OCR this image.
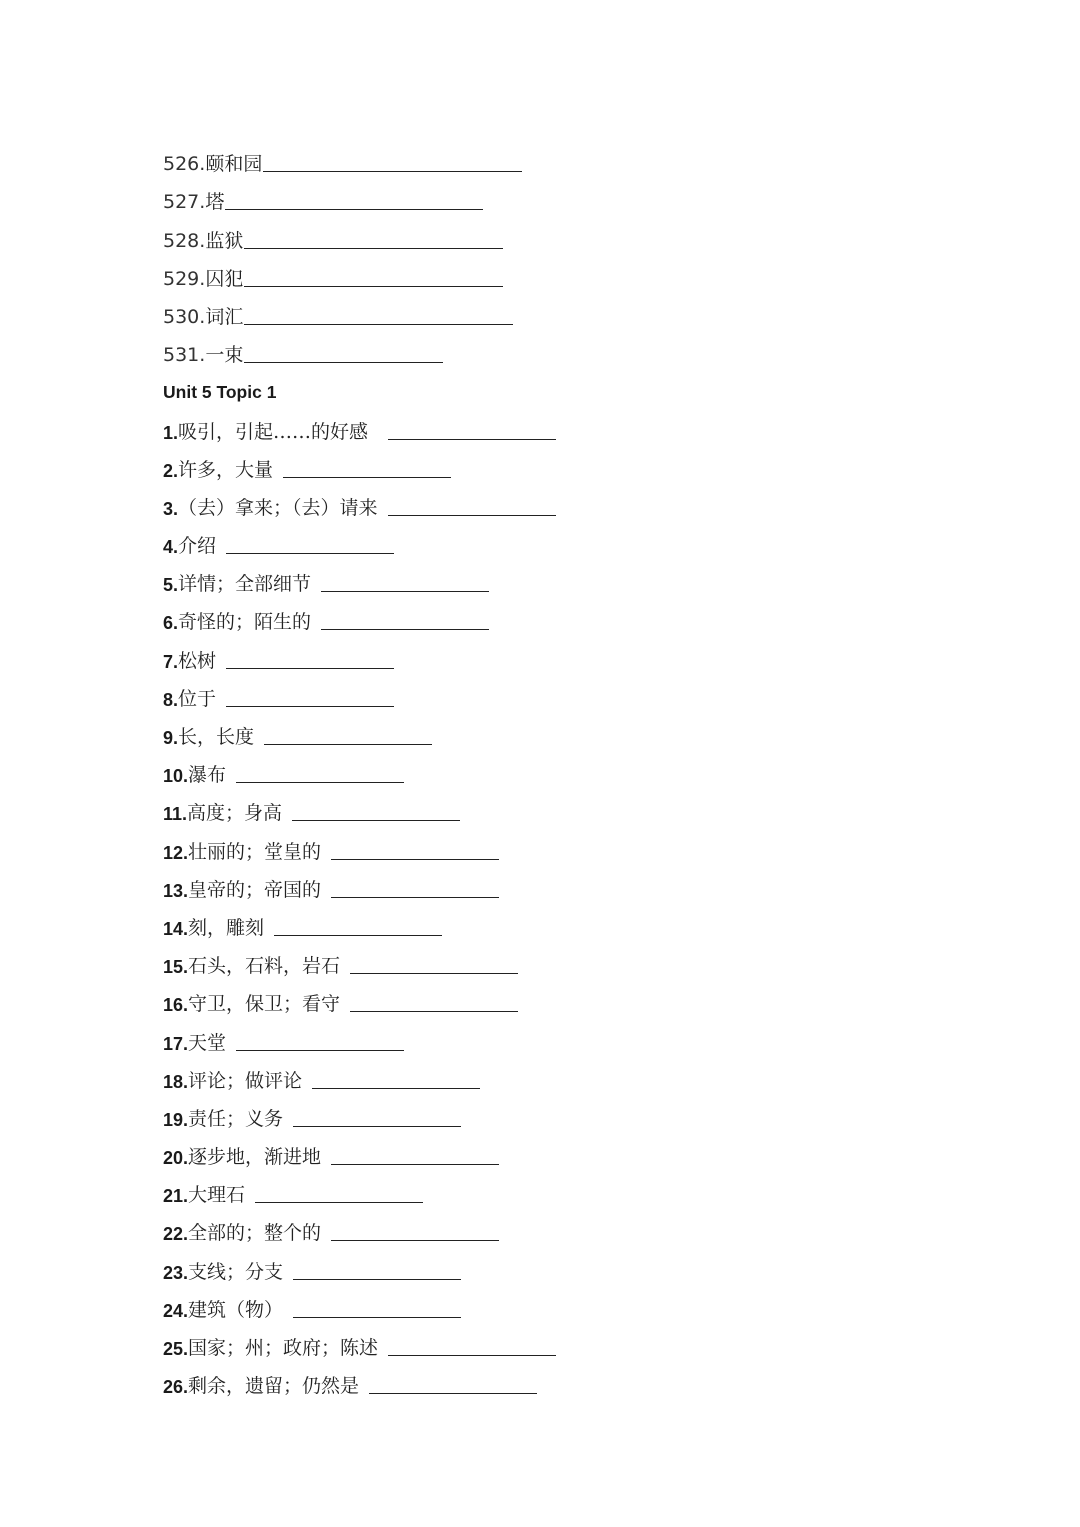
526. 颐和园
527. 塔
528. 监狱
529. 囚犯
530. 词汇
531. 一束
Unit 5 Topic 1
1. 吸引，引起……的好感
2. 许多，大量
3. （去）拿来；（去）请来
4. 介绍
5. 详情；全部细节
6. 奇怪的；陌生的
7. 松树
8. 位于
9. 长，长度
10. 瀑布
11. 高度；身高
12. 壮丽的；堂皇的
13. 皇帝的；帝国的
14. 刻，雕刻
15. 石头，石料，岩石
16. 守卫，保卫；看守
17. 天堂
18. 评论；做评论
19. 责任；义务
20. 逐步地，渐进地
21. 大理石
22. 全部的；整个的
23. 支线；分支
24. 建筑（物）
25. 国家；州；政府；陈述
26. 剩余，遗留；仍然是
